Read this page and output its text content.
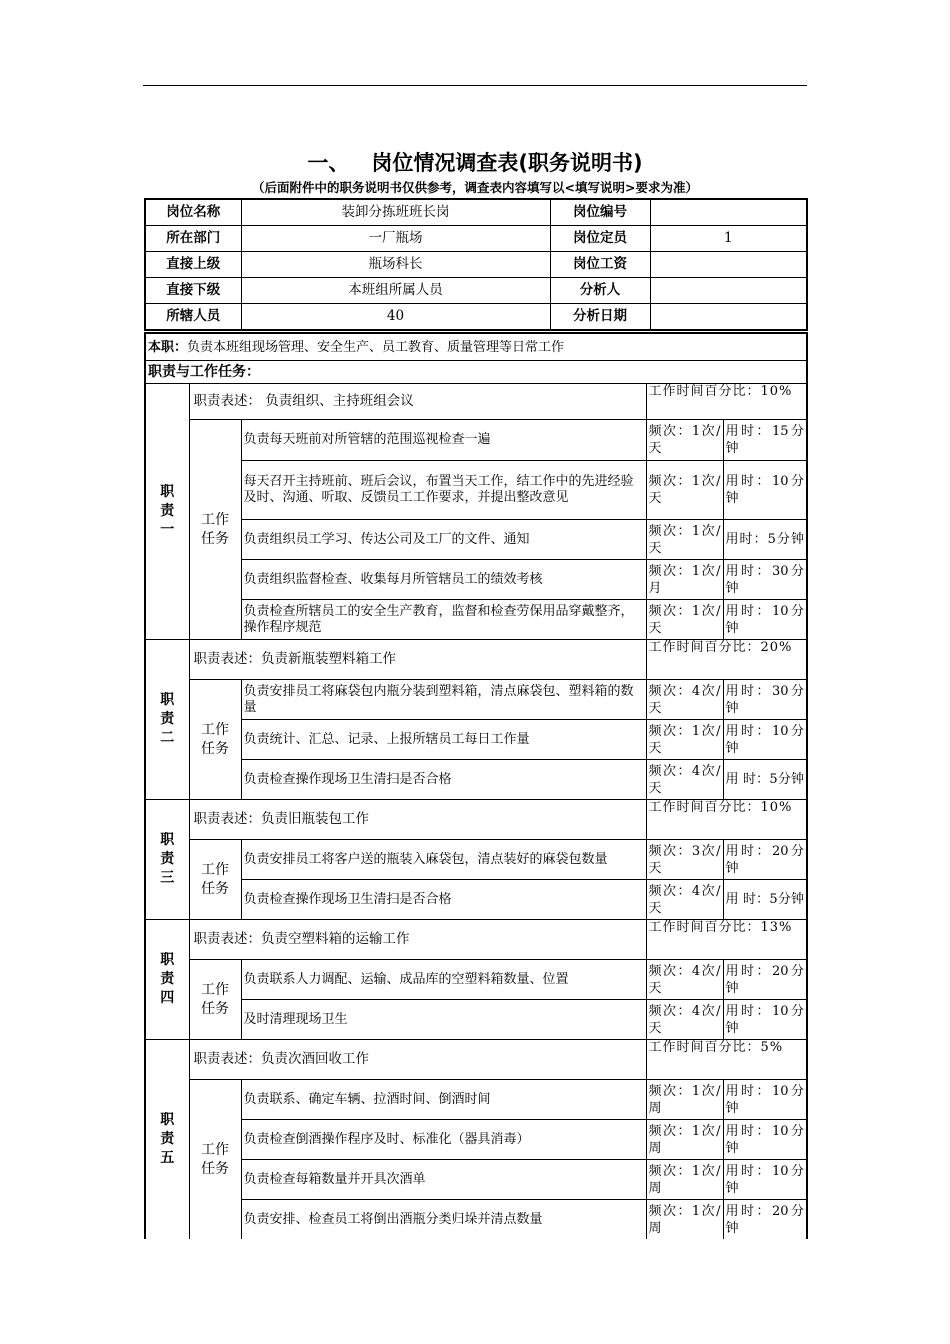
一、   岗位情况调查表(职务说明书)
（后面附件中的职务说明书仅供参考，调查表内容填写以<填写说明>要求为准）
岗位名称	装卸分拣班班长岗	岗位编号	
所在部门	一厂瓶场	岗位定员	1
直接上级	瓶场科长	岗位工资	
直接下级	本班组所属人员	分析人	
所辖人员	40	分析日期	
本职：负责本班组现场管理、安全生产、员工教育、质量管理等日常工作				
职责与工作任务：				
职
责
一	职责表述： 负责组织、主持班组会议		工作时间百分比：10%	
	工作
任务	负责每天班前对所管辖的范围巡视检查一遍	频次：1次/天	用时：15分钟
		每天召开主持班前、班后会议，布置当天工作，结工作中的先进经验及时、沟通、听取、反馈员工工作要求，并提出整改意见	频次：1次/天	用时：10分钟
		负责组织员工学习、传达公司及工厂的文件、通知	频次：1次/天	用时：5分钟
		负责组织监督检查、收集每月所管辖员工的绩效考核	频次：1次/月	用时：30分钟
		负责检查所辖员工的安全生产教育，监督和检查劳保用品穿戴整齐，操作程序规范	频次：1次/天	用时：10分钟
职
责
二	职责表述：负责新瓶装塑料箱工作		工作时间百分比：20%	
	工作
任务	负责安排员工将麻袋包内瓶分装到塑料箱，清点麻袋包、塑料箱的数量	频次：4次/天	用时：30分钟
		负责统计、汇总、记录、上报所辖员工每日工作量	频次：1次/天	用时：10分钟
		负责检查操作现场卫生清扫是否合格	频次：4次/ 天	用 时：5分钟
职
责
三	职责表述：负责旧瓶装包工作		工作时间百分比：10%	
	工作
任务	负责安排员工将客户送的瓶装入麻袋包，清点装好的麻袋包数量	频次：3次/天	用时：20分钟
		负责检查操作现场卫生清扫是否合格	频次：4次/天	用 时：5分钟
职
责
四	职责表述：负责空塑料箱的运输工作		工作时间百分比：13%	
	工作
任务	负责联系人力调配、运输、成品库的空塑料箱数量、位置	频次：4次/天	用时：20分钟
		及时清理现场卫生	频次：4次/ 天	用时：10分钟
职
责
五	职责表述：负责次酒回收工作		工作时间百分比：5%	
	工作
任务	负责联系、确定车辆、拉酒时间、倒酒时间	频次：1次/周	用时：10分钟
		负责检查倒酒操作程序及时、标准化（器具消毒）	频次：1次/周	用时：10分钟
		负责检查每箱数量并开具次酒单	频次：1次/周	用时：10分钟
		负责安排、检查员工将倒出酒瓶分类归垛并清点数量	频次：1次/周	用时：20分钟
